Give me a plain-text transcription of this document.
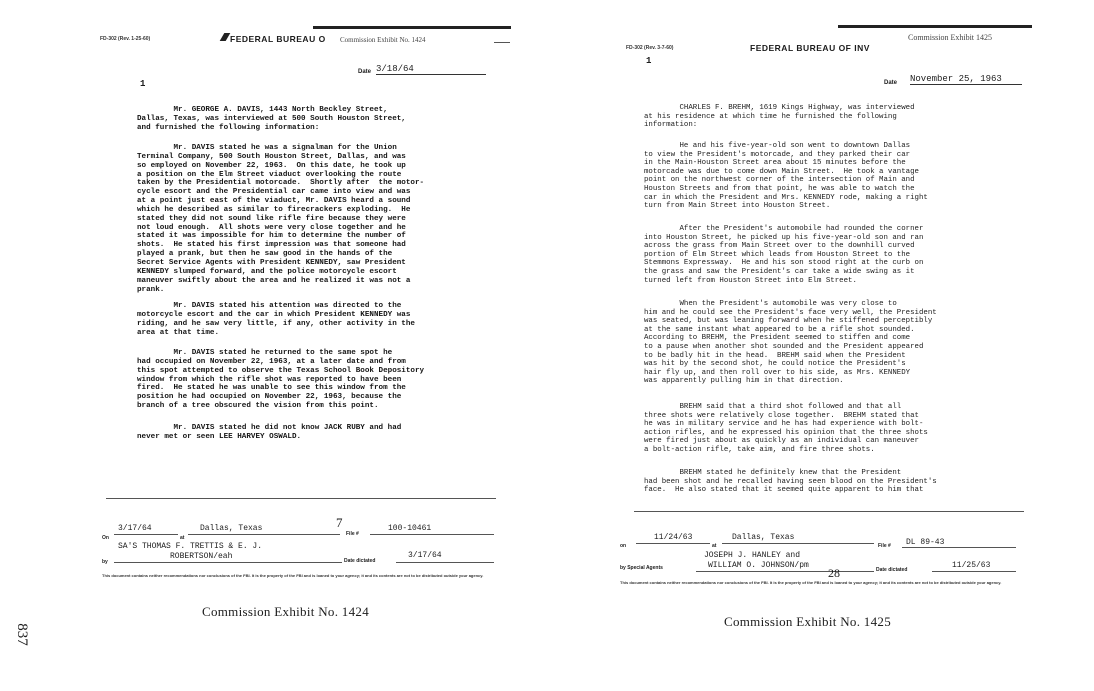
FD-302 (Rev. 1-25-60)	FEDERAL BUREAU O Commission Exhibit No. 1424
1
Date 3/18/64
Mr. GEORGE A. DAVIS, 1443 North Beckley Street,
Dallas, Texas, was interviewed at 500 South Houston Street,
and furnished the following information:
Mr. DAVIS stated he was a signalman for the Union
Terminal Company, 500 South Houston Street, Dallas, and was
so employed on November 22, 1963.  On this date, he took up
a position on the Elm Street viaduct overlooking the route
taken by the Presidential motorcade.  Shortly after  the motor-
cycle escort and the Presidential car came into view and was
at a point just east of the viaduct, Mr. DAVIS heard a sound
which he described as similar to firecrackers exploding.  He
stated they did not sound like rifle fire because they were
not loud enough.  All shots were very close together and he
stated it was impossible for him to determine the number of
shots.  He stated his first impression was that someone had
played a prank, but then he saw good in the hands of the
Secret Service Agents with President KENNEDY, saw President
KENNEDY slumped forward, and the police motorcycle escort
maneuver swiftly about the area and he realized it was not a
prank.
Mr. DAVIS stated his attention was directed to the
motorcycle escort and the car in which President KENNEDY was
riding, and he saw very little, if any, other activity in the
area at that time.
Mr. DAVIS stated he returned to the same spot he
had occupied on November 22, 1963, at a later date and from
this spot attempted to observe the Texas School Book Depository
window from which the rifle shot was reported to have been
fired.  He stated he was unable to see this window from the
position he had occupied on November 22, 1963, because the
branch of a tree obscured the vision from this point.
Mr. DAVIS stated he did not know JACK RUBY and had
never met or seen LEE HARVEY OSWALD.
On
3/17/64
at
Dallas, Texas	7
File #
100-10461
SA'S THOMAS F. TRETTIS & E. J.
by
ROBERTSON/eah	Date dictated
3/17/64
This document contains neither recommendations nor conclusions of the FBI. It is the property of the FBI and is loaned to your agency; it and its contents are not to be distributed outside your agency.
Commission Exhibit No. 1424
837
FD-302 (Rev. 3-7-60)	FEDERAL BUREAU OF INV
Commission Exhibit 1425
1
Date November 25, 1963
CHARLES F. BREHM, 1619 Kings Highway, was interviewed
at his residence at which time he furnished the following
information:
He and his five-year-old son went to downtown Dallas
to view the President's motorcade, and they parked their car
in the Main-Houston Street area about 15 minutes before the
motorcade was due to come down Main Street.  He took a vantage
point on the northwest corner of the intersection of Main and
Houston Streets and from that point, he was able to watch the
car in which the President and Mrs. KENNEDY rode, making a right
turn from Main Street into Houston Street.
After the President's automobile had rounded the corner
into Houston Street, he picked up his five-year-old son and ran
across the grass from Main Street over to the downhill curved
portion of Elm Street which leads from Houston Street to the
Stemmons Expressway.  He and his son stood right at the curb on
the grass and saw the President's car take a wide swing as it
turned left from Houston Street into Elm Street.
When the President's automobile was very close to
him and he could see the President's face very well, the President
was seated, but was leaning forward when he stiffened perceptibly
at the same instant what appeared to be a rifle shot sounded.
According to BREHM, the President seemed to stiffen and come
to a pause when another shot sounded and the President appeared
to be badly hit in the head.  BREHM said when the President
was hit by the second shot, he could notice the President's
hair fly up, and then roll over to his side, as Mrs. KENNEDY
was apparently pulling him in that direction.
BREHM said that a third shot followed and that all
three shots were relatively close together.  BREHM stated that
he was in military service and he has had experience with bolt-
action rifles, and he expressed his opinion that the three shots
were fired just about as quickly as an individual can maneuver
a bolt-action rifle, take aim, and fire three shots.
BREHM stated he definitely knew that the President
had been shot and he recalled having seen blood on the President's
face.  He also stated that it seemed quite apparent to him that
on
11/24/63
at
Dallas, Texas
File # DL 89-43
JOSEPH J. HANLEY and
by Special Agents	WILLIAM O. JOHNSON/pm
28	Date dictated	11/25/63
This document contains neither recommendations nor conclusions of the FBI. It is the property of the FBI and is loaned to your agency; it and its contents are not to be distributed outside your agency.
Commission Exhibit No. 1425
